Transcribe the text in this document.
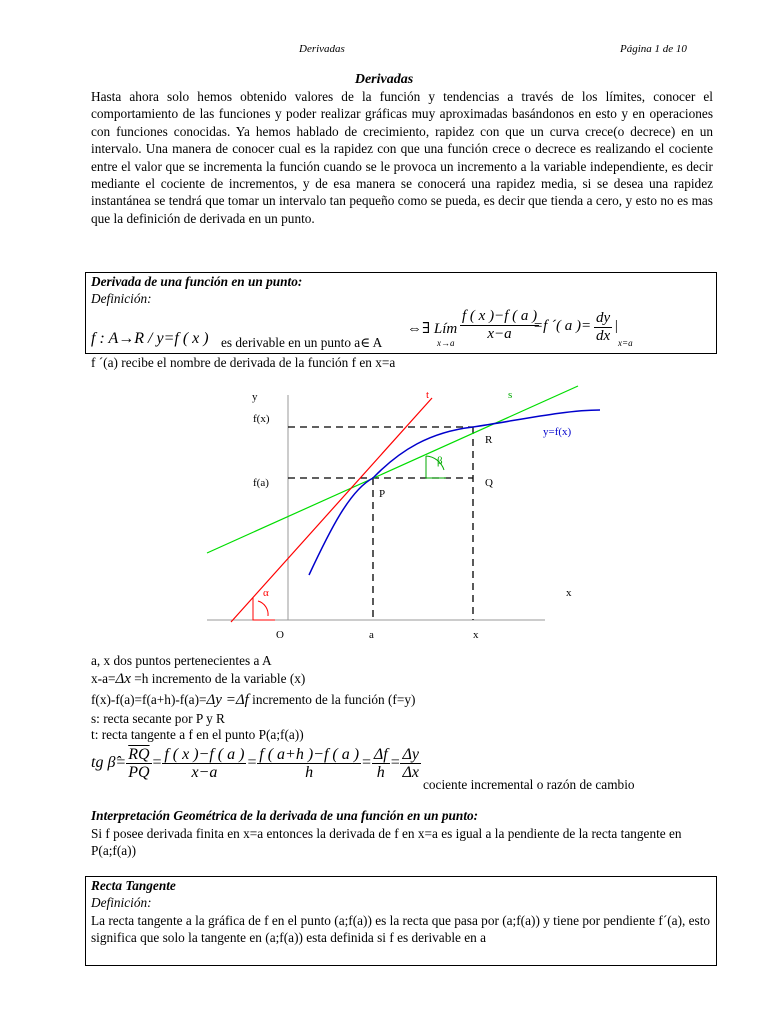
Derivadas	Página 1 de 10
Derivadas
Hasta ahora solo hemos obtenido valores de la función y tendencias a través de los límites, conocer el comportamiento de las funciones y poder realizar gráficas muy aproximadas basándonos en esto y en operaciones con funciones conocidas. Ya hemos hablado de crecimiento, rapidez con que un curva crece(o decrece) en un intervalo. Una manera de conocer cual es la rapidez con que una función crece o decrece es realizando el cociente entre el valor que se incrementa la función cuando se le provoca un incremento a la variable independiente, es decir mediante el cociente de incrementos, y de esa manera se conocerá una rapidez media, si se desea una rapidez instantánea se tendrá que tomar un intervalo tan pequeño como se pueda, es decir que tienda a cero, y esto no es mas que la definición de derivada en un punto.
Derivada de una función en un punto:
Definición:
f : A→R / y=f ( x ) es derivable en un punto a∈ A
⇔∃ Lím
$x\to a \frac{f ( x )-f ( a )}{x-a}$
=f ´( a )= $\frac{dy}{dx}$ |
x=a
f ´(a) recibe el nombre de derivada de la función f en x=a
y
f(x)
f(a)
x
O	a	x
t	s
R
Q
P
y=f(x)
β
α
a, x dos puntos pertenecientes a A
x-a=Δx =h incremento de la variable (x)
f(x)-f(a)=f(a+h)-f(a)=Δy =Δf incremento de la función (f=y)
s: recta secante por P y R
t: recta tangente a f en el punto P(a;f(a))
tg β̂= $\frac{\overline{RQ}}{PQ} = \frac{f ( x )-f ( a )}{x-a} = \frac{f ( a+h )-f ( a )}{h} = \frac{\Delta f}{h} = \frac{\Delta y}{\Delta x}$
cociente incremental o razón de cambio
Interpretación Geométrica de la derivada de una función en un punto:
Si f posee derivada finita en x=a entonces la derivada de f en x=a es igual a la pendiente de la recta tangente en P(a;f(a))
Recta Tangente
Definición:
La recta tangente a la gráfica de f en el punto (a;f(a)) es la recta que pasa por (a;f(a)) y tiene por pendiente f´(a), esto significa que solo la tangente en (a;f(a)) esta definida si f es derivable en a
